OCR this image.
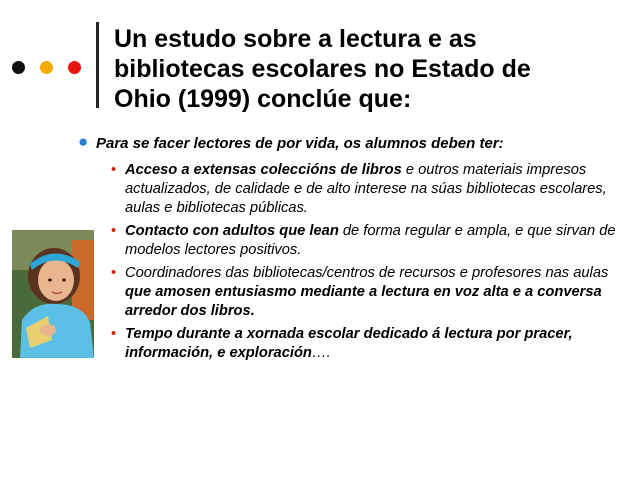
Un estudo sobre a lectura e as
bibliotecas escolares no Estado de
Ohio (1999) conclúe que:
● Para se facer lectores de por vida, os alumnos deben ter:
• Acceso a extensas coleccións de libros e outros materiais impresos actualizados, de calidade e de alto interese na súas bibliotecas escolares, aulas e bibliotecas públicas.
• Contacto con adultos que lean de forma regular e ampla, e que sirvan de modelos lectores positivos.
• Coordinadores das bibliotecas/centros de recursos e profesores nas aulas que amosen entusiasmo mediante a lectura en voz alta e a conversa arredor dos libros.
• Tempo durante a xornada escolar dedicado á lectura por pracer, información, e exploración….
